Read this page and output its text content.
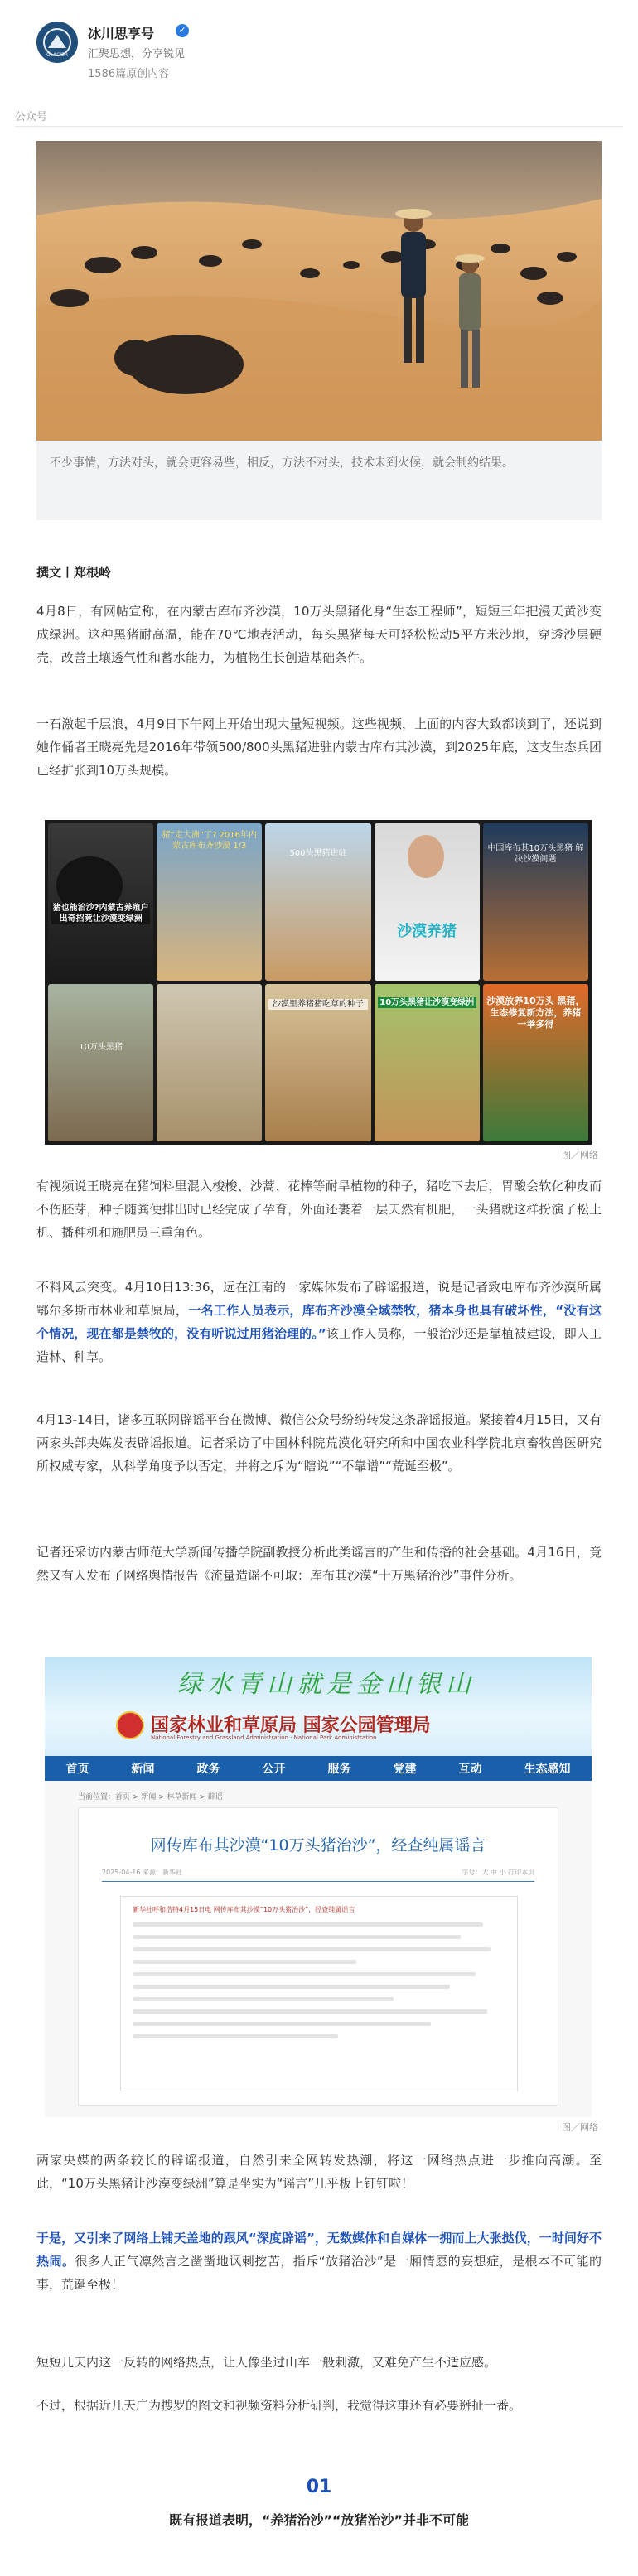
GLACIER
冰川思享号	✓
汇聚思想，分享锐见
1586篇原创内容
公众号
不少事情，方法对头，就会更容易些，相反，方法不对头，技术未到火候，就会制约结果。
撰文丨郑根岭
4月8日，有网帖宣称，在内蒙古库布齐沙漠，10万头黑猪化身“生态工程师”，短短三年把漫天黄沙变成绿洲。这种黑猪耐高温，能在70℃地表活动，每头黑猪每天可轻松松动5平方米沙地，穿透沙层硬壳，改善土壤透气性和蓄水能力，为植物生长创造基础条件。
一石激起千层浪，4月9日下午网上开始出现大量短视频。这些视频，上面的内容大致都谈到了，还说到她作俑者王晓亮先是2016年带领500/800头黑猪进驻内蒙古库布其沙漠，到2025年底，这支生态兵团已经扩张到10万头规模。
猪也能治沙?内蒙古养殖户出奇招竟让沙漠变绿洲
猪“走大洲”了? 2016年内蒙古库布齐沙漠 1/3
500头黑猪进驻
沙漠养猪
中国库布其10万头黑猪 解决沙漠问题
10万头黑猪
沙漠里养猪猪吃草的种子	10万头黑猪让沙漠变绿洲 沙漠放养10万头 黑猪，生态修复新方法，养猪一举多得
图／网络
有视频说王晓亮在猪饲料里混入梭梭、沙蒿、花棒等耐旱植物的种子，猪吃下去后，胃酸会软化种皮而不伤胚芽，种子随粪便排出时已经完成了孕育，外面还裹着一层天然有机肥，一头猪就这样扮演了松土机、播种机和施肥员三重角色。
不料风云突变。4月10日13:36，远在江南的一家媒体发布了辟谣报道，说是记者致电库布齐沙漠所属鄂尔多斯市林业和草原局，一名工作人员表示，库布齐沙漠全域禁牧，猪本身也具有破坏性，“没有这个情况，现在都是禁牧的，没有听说过用猪治理的。”该工作人员称，一般治沙还是靠植被建设，即人工造林、种草。
4月13-14日，诸多互联网辟谣平台在微博、微信公众号纷纷转发这条辟谣报道。紧接着4月15日，又有两家头部央媒发表辟谣报道。记者采访了中国林科院荒漠化研究所和中国农业科学院北京畜牧兽医研究所权威专家，从科学角度予以否定，并将之斥为“瞎说”“不靠谱”“荒诞至极”。
记者还采访内蒙古师范大学新闻传播学院副教授分析此类谣言的产生和传播的社会基础。4月16日，竟然又有人发布了网络舆情报告《流量造谣不可取：库布其沙漠“十万黑猪治沙”事件分析。
绿水青山就是金山银山
国家林业和草原局 国家公园管理局
National Forestry and Grassland Administration · National Park Administration
首页	新闻	政务	公开	服务	党建	互动	生态感知
当前位置：首页 > 新闻 > 林草新闻 > 辟谣
网传库布其沙漠“10万头猪治沙”，经查纯属谣言
2025-04-16 来源：新华社	字号：大 中 小 打印本页
新华社呼和浩特4月15日电 网传库布其沙漠“10万头猪治沙”，经查纯属谣言
图／网络
两家央媒的两条较长的辟谣报道，自然引来全网转发热潮，将这一网络热点进一步推向高潮。至此，“10万头黑猪让沙漠变绿洲”算是坐实为“谣言”几乎板上钉钉啦！
于是，又引来了网络上铺天盖地的跟风“深度辟谣”，无数媒体和自媒体一拥而上大张挞伐，一时间好不热闹。很多人正气凛然言之凿凿地讽刺挖苦，指斥“放猪治沙”是一厢情愿的妄想症，是根本不可能的事，荒诞至极！
短短几天内这一反转的网络热点，让人像坐过山车一般刺激，又难免产生不适应感。
不过，根据近几天广为搜罗的图文和视频资料分析研判，我觉得这事还有必要掰扯一番。
01
既有报道表明，“养猪治沙”“放猪治沙”并非不可能
